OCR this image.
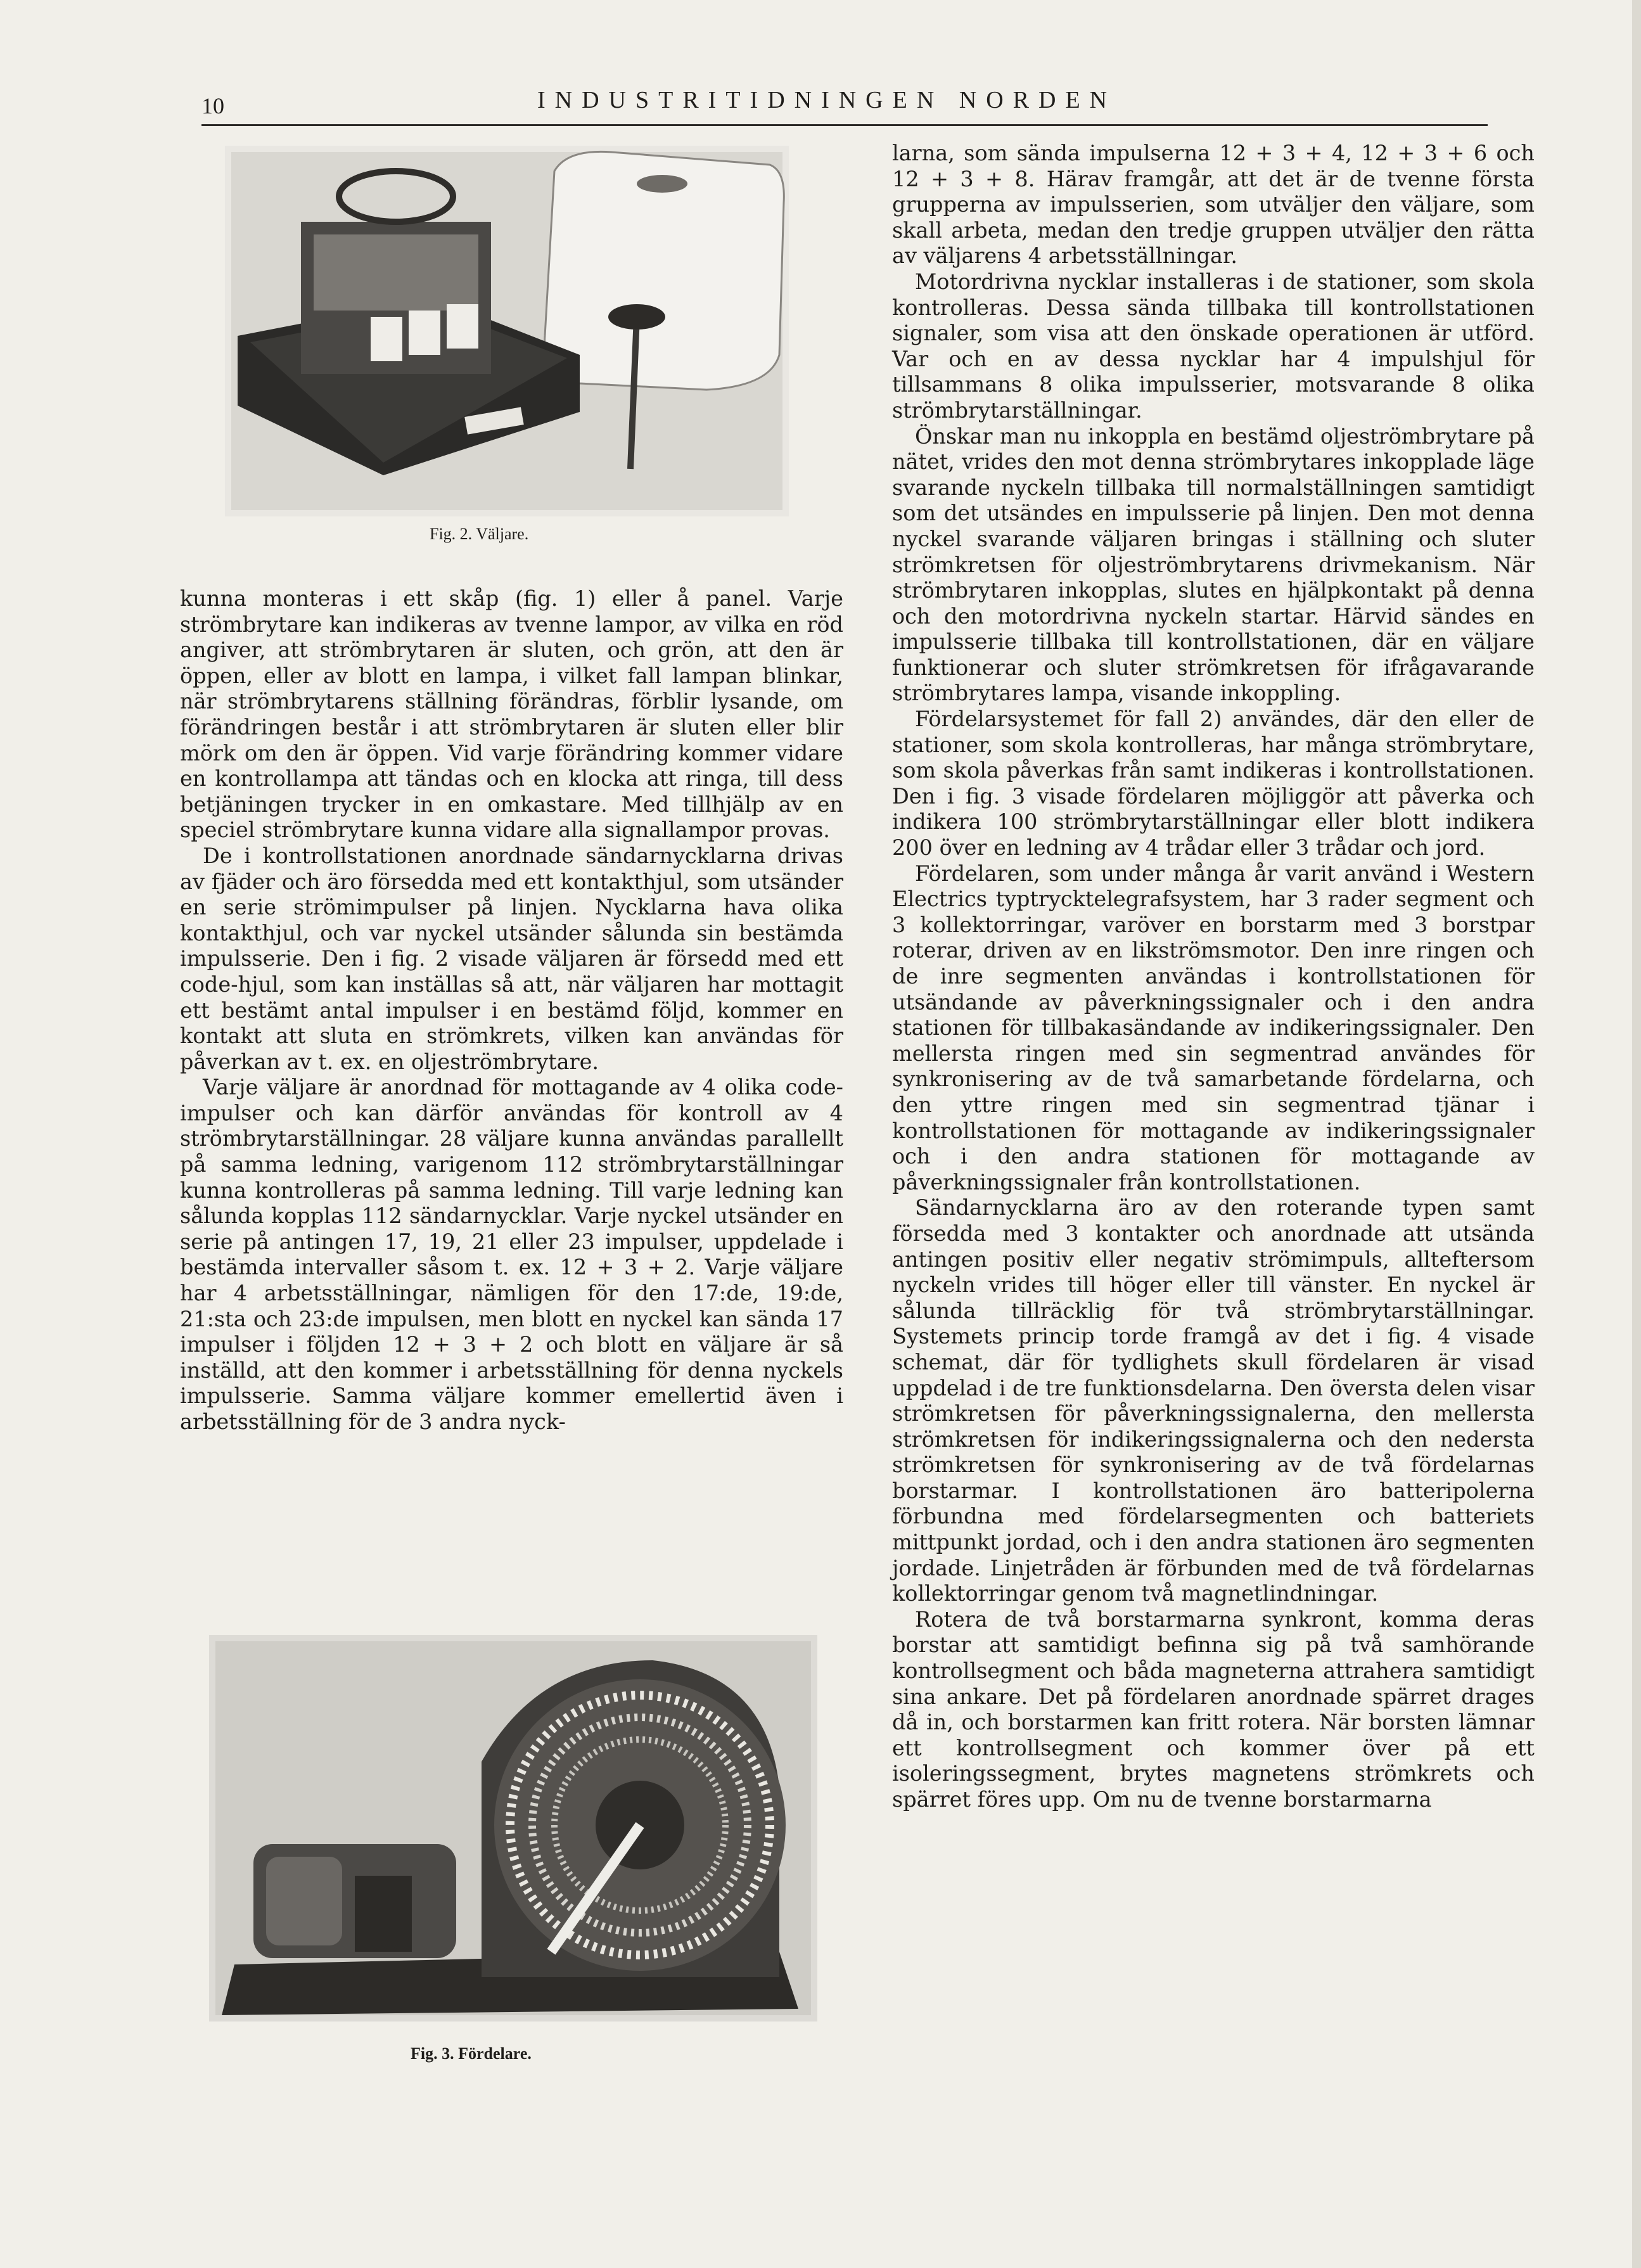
10	INDUSTRITIDNINGEN NORDEN
Fig. 2. Väljare.

kunna monteras i ett skåp (fig. 1) eller å panel. Varje strömbrytare kan indikeras av tvenne lampor, av vilka en röd angiver, att strömbrytaren är sluten, och grön, att den är öppen, eller av blott en lampa, i vilket fall lampan blinkar, när strömbrytarens ställning förändras, förblir lysande, om förändringen består i att strömbrytaren är sluten eller blir mörk om den är öppen. Vid varje förändring kommer vidare en kontrollampa att tändas och en klocka att ringa, till dess betjäningen trycker in en omkastare. Med tillhjälp av en speciel strömbrytare kunna vidare alla signallampor provas.

De i kontrollstationen anordnade sändarnycklarna drivas av fjäder och äro försedda med ett kontakthjul, som utsänder en serie strömimpulser på linjen. Nycklarna hava olika kontakthjul, och var nyckel utsänder sålunda sin bestämda impulsserie. Den i fig. 2 visade väljaren är försedd med ett code-hjul, som kan inställas så att, när väljaren har mottagit ett bestämt antal impulser i en bestämd följd, kommer en kontakt att sluta en strömkrets, vilken kan användas för påverkan av t. ex. en oljeströmbrytare.

Varje väljare är anordnad för mottagande av 4 olika code-impulser och kan därför användas för kontroll av 4 strömbrytarställningar. 28 väljare kunna användas parallellt på samma ledning, varigenom 112 strömbrytarställningar kunna kontrolleras på samma ledning. Till varje ledning kan sålunda kopplas 112 sändarnycklar. Varje nyckel utsänder en serie på antingen 17, 19, 21 eller 23 impulser, uppdelade i bestämda intervaller såsom t. ex. 12 + 3 + 2. Varje väljare har 4 arbetsställningar, nämligen för den 17:de, 19:de, 21:sta och 23:de impulsen, men blott en nyckel kan sända 17 impulser i följden 12 + 3 + 2 och blott en väljare är så inställd, att den kommer i arbetsställning för denna nyckels impulsserie. Samma väljare kommer emellertid även i arbetsställning för de 3 andra nyck-

Fig. 3. Fördelare.

larna, som sända impulserna 12 + 3 + 4, 12 + 3 + 6 och 12 + 3 + 8. Härav framgår, att det är de tvenne första grupperna av impulsserien, som utväljer den väljare, som skall arbeta, medan den tredje gruppen utväljer den rätta av väljarens 4 arbetsställningar.

Motordrivna nycklar installeras i de stationer, som skola kontrolleras. Dessa sända tillbaka till kontrollstationen signaler, som visa att den önskade operationen är utförd. Var och en av dessa nycklar har 4 impulshjul för tillsammans 8 olika impulsserier, motsvarande 8 olika strömbrytarställningar.

Önskar man nu inkoppla en bestämd oljeströmbrytare på nätet, vrides den mot denna strömbrytares inkopplade läge svarande nyckeln tillbaka till normalställningen samtidigt som det utsändes en impulsserie på linjen. Den mot denna nyckel svarande väljaren bringas i ställning och sluter strömkretsen för oljeströmbrytarens drivmekanism. När strömbrytaren inkopplas, slutes en hjälpkontakt på denna och den motordrivna nyckeln startar. Härvid sändes en impulsserie tillbaka till kontrollstationen, där en väljare funktionerar och sluter strömkretsen för ifrågavarande strömbrytares lampa, visande inkoppling.

Fördelarsystemet för fall 2) användes, där den eller de stationer, som skola kontrolleras, har många strömbrytare, som skola påverkas från samt indikeras i kontrollstationen. Den i fig. 3 visade fördelaren möjliggör att påverka och indikera 100 strömbrytarställningar eller blott indikera 200 över en ledning av 4 trådar eller 3 trådar och jord.

Fördelaren, som under många år varit använd i Western Electrics typtrycktelegrafsystem, har 3 rader segment och 3 kollektorringar, varöver en borstarm med 3 borstpar roterar, driven av en likströmsmotor. Den inre ringen och de inre segmenten användas i kontrollstationen för utsändande av påverkningssignaler och i den andra stationen för tillbakasändande av indikeringssignaler. Den mellersta ringen med sin segmentrad användes för synkronisering av de två samarbetande fördelarna, och den yttre ringen med sin segmentrad tjänar i kontrollstationen för mottagande av indikeringssignaler och i den andra stationen för mottagande av påverkningssignaler från kontrollstationen.

Sändarnycklarna äro av den roterande typen samt försedda med 3 kontakter och anordnade att utsända antingen positiv eller negativ strömimpuls, allteftersom nyckeln vrides till höger eller till vänster. En nyckel är sålunda tillräcklig för två strömbrytarställningar. Systemets princip torde framgå av det i fig. 4 visade schemat, där för tydlighets skull fördelaren är visad uppdelad i de tre funktionsdelarna. Den översta delen visar strömkretsen för påverkningssignalerna, den mellersta strömkretsen för indikeringssignalerna och den nedersta strömkretsen för synkronisering av de två fördelarnas borstarmar. I kontrollstationen äro batteripolerna förbundna med fördelarsegmenten och batteriets mittpunkt jordad, och i den andra stationen äro segmenten jordade. Linjetråden är förbunden med de två fördelarnas kollektorringar genom två magnetlindningar.

Rotera de två borstarmarna synkront, komma deras borstar att samtidigt befinna sig på två samhörande kontrollsegment och båda magneterna attrahera samtidigt sina ankare. Det på fördelaren anordnade spärret drages då in, och borstarmen kan fritt rotera. När borsten lämnar ett kontrollsegment och kommer över på ett isoleringssegment, brytes magnetens strömkrets och spärret föres upp. Om nu de tvenne borstarmarna
